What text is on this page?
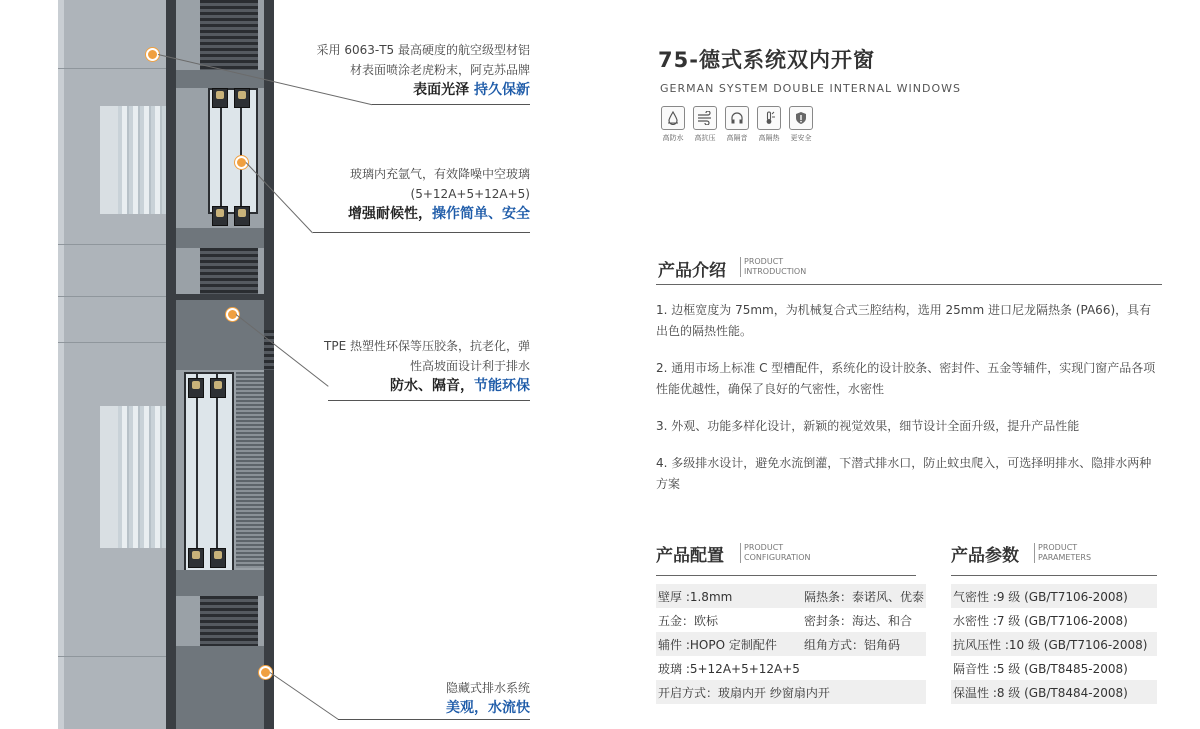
采用 6063-T5 最高硬度的航空级型材铝
材表面喷涂老虎粉末，阿克苏品牌
表面光泽 持久保新
玻璃内充氩气，有效降噪中空玻璃
(5+12A+5+12A+5)
增强耐候性，操作简单、安全
TPE 热塑性环保等压胶条，抗老化，弹
性高坡面设计利于排水
防水、隔音，节能环保
隐藏式排水系统
美观，水流快
75-德式系统双内开窗
GERMAN SYSTEM DOUBLE INTERNAL WINDOWS
高防水	高抗压	高隔音	高隔热	更安全
产品介绍 PRODUCT
INTRODUCTION
1. 边框宽度为 75mm，为机械复合式三腔结构，选用 25mm 进口尼龙隔热条 (PA66)，具有出色的隔热性能。
2. 通用市场上标准 C 型槽配件，系统化的设计胶条、密封件、五金等辅件，实现门窗产品各项性能优越性，确保了良好的气密性，水密性
3. 外观、功能多样化设计，新颖的视觉效果，细节设计全面升级，提升产品性能
4. 多级排水设计，避免水流倒灌，下潜式排水口，防止蚊虫爬入，可选择明排水、隐排水两种方案
产品配置	PRODUCT
CONFIGURATION
壁厚 :1.8mm	隔热条：泰诺风、优泰
五金：欧标	密封条：海达、和合
辅件 :HOPO 定制配件	组角方式：铝角码
玻璃 :5+12A+5+12A+5	
开启方式：玻扇内开 纱窗扇内开	
产品参数 PRODUCT
PARAMETERS
气密性 :9 级 (GB/T7106-2008)
水密性 :7 级 (GB/T7106-2008)
抗风压性 :10 级 (GB/T7106-2008)
隔音性 :5 级 (GB/T8485-2008)
保温性 :8 级 (GB/T8484-2008)
